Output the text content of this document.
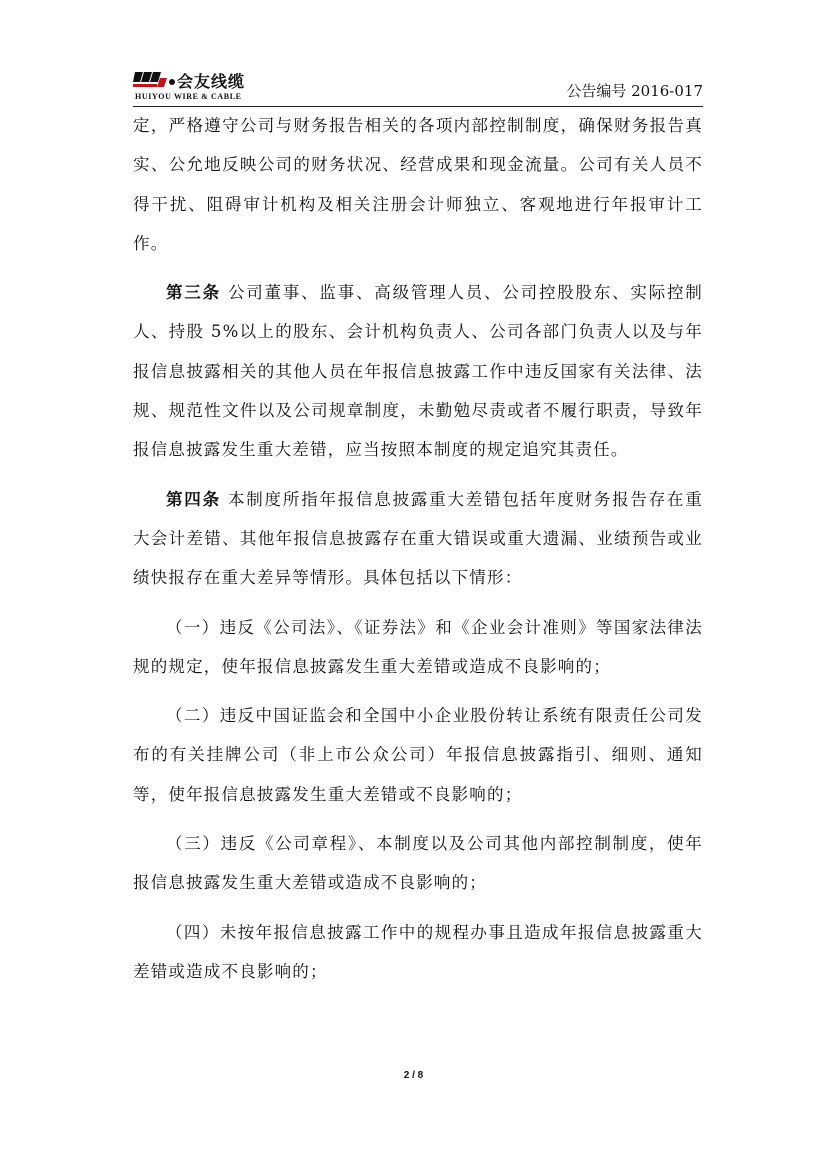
会友线缆
HUIYOU WIRE & CABLE	公告编号 2016-017

定，严格遵守公司与财务报告相关的各项内部控制制度，确保财务报告真实、公允地反映公司的财务状况、经营成果和现金流量。公司有关人员不得干扰、阻碍审计机构及相关注册会计师独立、客观地进行年报审计工作。

第三条 公司董事、监事、高级管理人员、公司控股股东、实际控制人、持股 5%以上的股东、会计机构负责人、公司各部门负责人以及与年报信息披露相关的其他人员在年报信息披露工作中违反国家有关法律、法规、规范性文件以及公司规章制度，未勤勉尽责或者不履行职责，导致年报信息披露发生重大差错，应当按照本制度的规定追究其责任。

第四条 本制度所指年报信息披露重大差错包括年度财务报告存在重大会计差错、其他年报信息披露存在重大错误或重大遗漏、业绩预告或业绩快报存在重大差异等情形。具体包括以下情形：

（一）违反《公司法》、《证券法》和《企业会计准则》等国家法律法规的规定，使年报信息披露发生重大差错或造成不良影响的；

（二）违反中国证监会和全国中小企业股份转让系统有限责任公司发布的有关挂牌公司（非上市公众公司）年报信息披露指引、细则、通知等，使年报信息披露发生重大差错或不良影响的；

（三）违反《公司章程》、本制度以及公司其他内部控制制度，使年报信息披露发生重大差错或造成不良影响的；

（四）未按年报信息披露工作中的规程办事且造成年报信息披露重大差错或造成不良影响的；

2 / 8
